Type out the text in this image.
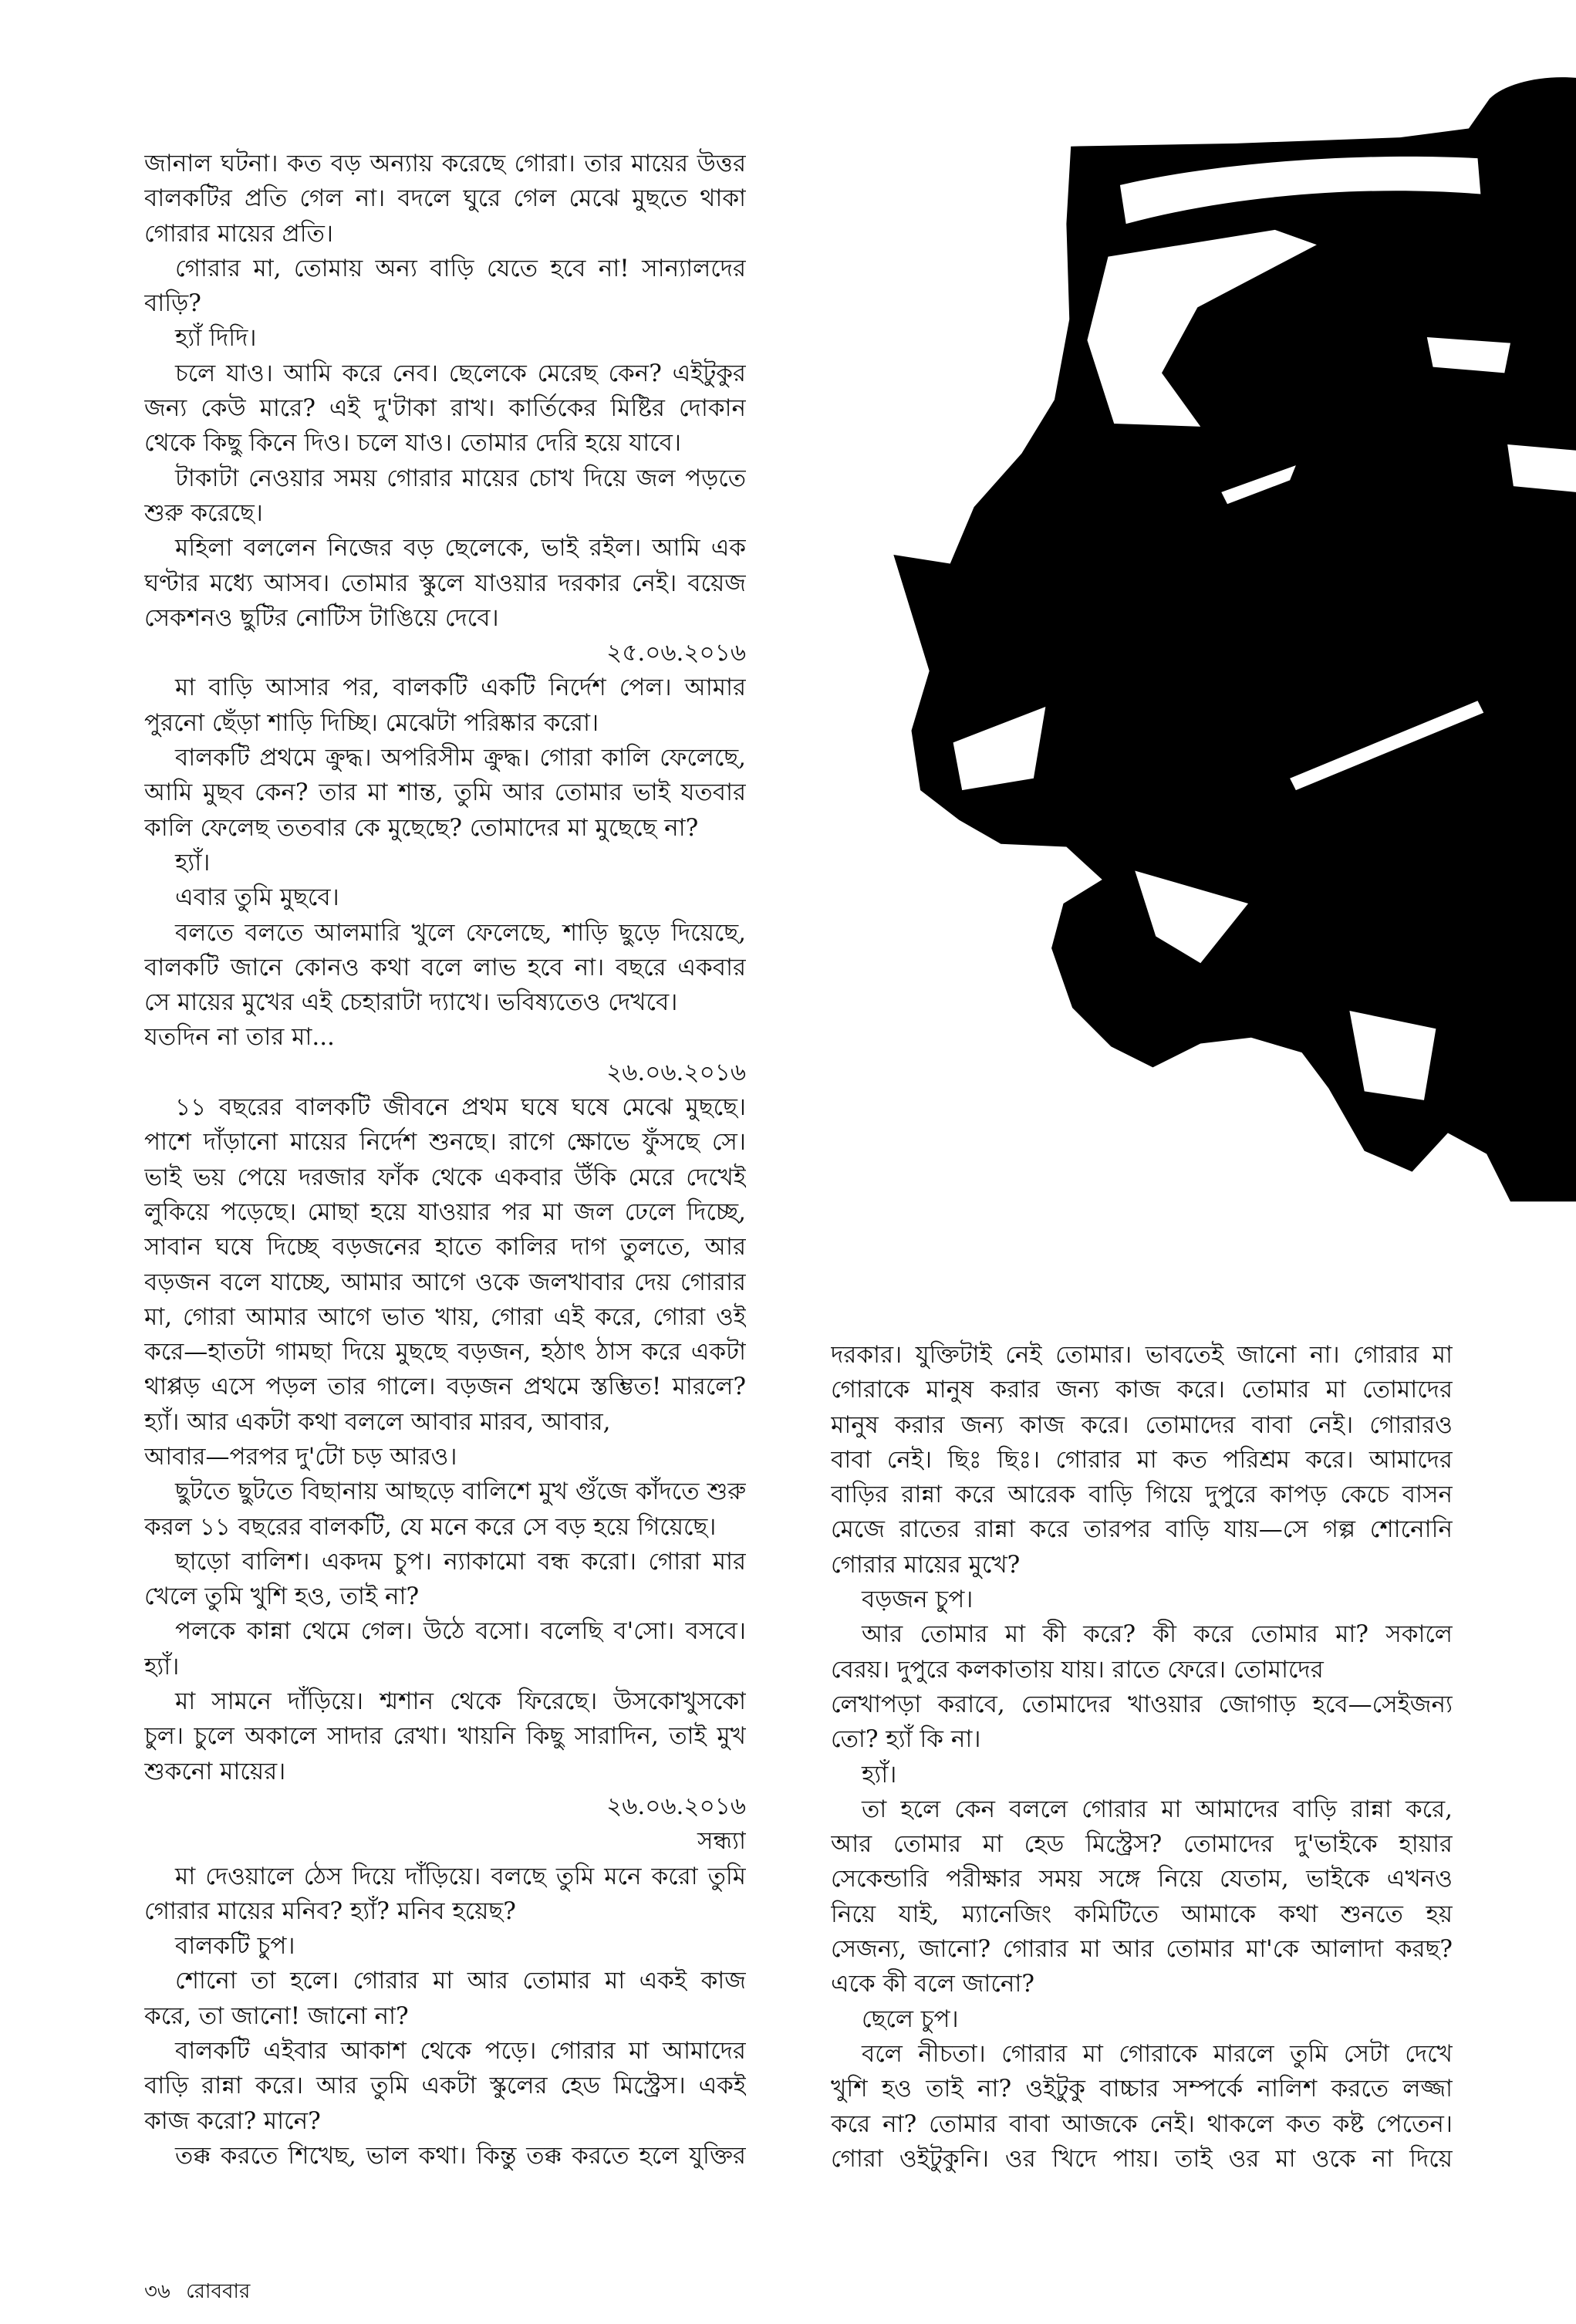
জানাল ঘটনা। কত বড় অন্যায় করেছে গোরা। তার মায়ের উত্তর
বালকটির প্রতি গেল না। বদলে ঘুরে গেল মেঝে মুছতে থাকা
গোরার মায়ের প্রতি।
গোরার মা, তোমায় অন্য বাড়ি যেতে হবে না! সান্যালদের
বাড়ি?
হ্যাঁ দিদি।
চলে যাও। আমি করে নেব। ছেলেকে মেরেছ কেন? এইটুকুর
জন্য কেউ মারে? এই দু'টাকা রাখ। কার্তিকের মিষ্টির দোকান
থেকে কিছু কিনে দিও। চলে যাও। তোমার দেরি হয়ে যাবে।
টাকাটা নেওয়ার সময় গোরার মায়ের চোখ দিয়ে জল পড়তে
শুরু করেছে।
মহিলা বললেন নিজের বড় ছেলেকে, ভাই রইল। আমি এক
ঘণ্টার মধ্যে আসব। তোমার স্কুলে যাওয়ার দরকার নেই। বয়েজ
সেকশনও ছুটির নোটিস টাঙিয়ে দেবে।
২৫.০৬.২০১৬
মা বাড়ি আসার পর, বালকটি একটি নির্দেশ পেল। আমার
পুরনো ছেঁড়া শাড়ি দিচ্ছি। মেঝেটা পরিষ্কার করো।
বালকটি প্রথমে ক্রুদ্ধ। অপরিসীম ক্রুদ্ধ। গোরা কালি ফেলেছে,
আমি মুছব কেন? তার মা শান্ত, তুমি আর তোমার ভাই যতবার
কালি ফেলেছ ততবার কে মুছেছে? তোমাদের মা মুছেছে না?
হ্যাঁ।
এবার তুমি মুছবে।
বলতে বলতে আলমারি খুলে ফেলেছে, শাড়ি ছুড়ে দিয়েছে,
বালকটি জানে কোনও কথা বলে লাভ হবে না। বছরে একবার
সে মায়ের মুখের এই চেহারাটা দ্যাখে। ভবিষ্যতেও দেখবে।
যতদিন না তার মা...
২৬.০৬.২০১৬
১১ বছরের বালকটি জীবনে প্রথম ঘষে ঘষে মেঝে মুছছে।
পাশে দাঁড়ানো মায়ের নির্দেশ শুনছে। রাগে ক্ষোভে ফুঁসছে সে।
ভাই ভয় পেয়ে দরজার ফাঁক থেকে একবার উঁকি মেরে দেখেই
লুকিয়ে পড়েছে। মোছা হয়ে যাওয়ার পর মা জল ঢেলে দিচ্ছে,
সাবান ঘষে দিচ্ছে বড়জনের হাতে কালির দাগ তুলতে, আর
বড়জন বলে যাচ্ছে, আমার আগে ওকে জলখাবার দেয় গোরার
মা, গোরা আমার আগে ভাত খায়, গোরা এই করে, গোরা ওই
করে—হাতটা গামছা দিয়ে মুছছে বড়জন, হঠাৎ ঠাস করে একটা
থাপ্পড় এসে পড়ল তার গালে। বড়জন প্রথমে স্তম্ভিত! মারলে?
হ্যাঁ। আর একটা কথা বললে আবার মারব, আবার,
আবার—পরপর দু'টো চড় আরও।
ছুটতে ছুটতে বিছানায় আছড়ে বালিশে মুখ গুঁজে কাঁদতে শুরু
করল ১১ বছরের বালকটি, যে মনে করে সে বড় হয়ে গিয়েছে।
ছাড়ো বালিশ। একদম চুপ। ন্যাকামো বন্ধ করো। গোরা মার
খেলে তুমি খুশি হও, তাই না?
পলকে কান্না থেমে গেল। উঠে বসো। বলেছি ব'সো। বসবে।
হ্যাঁ।
মা সামনে দাঁড়িয়ে। শ্মশান থেকে ফিরেছে। উসকোখুসকো
চুল। চুলে অকালে সাদার রেখা। খায়নি কিছু সারাদিন, তাই মুখ
শুকনো মায়ের।
২৬.০৬.২০১৬
সন্ধ্যা
মা দেওয়ালে ঠেস দিয়ে দাঁড়িয়ে। বলছে তুমি মনে করো তুমি
গোরার মায়ের মনিব? হ্যাঁ? মনিব হয়েছ?
বালকটি চুপ।
শোনো তা হলে। গোরার মা আর তোমার মা একই কাজ
করে, তা জানো! জানো না?
বালকটি এইবার আকাশ থেকে পড়ে। গোরার মা আমাদের
বাড়ি রান্না করে। আর তুমি একটা স্কুলের হেড মিস্ট্রেস। একই
কাজ করো? মানে?
তক্ক করতে শিখেছ, ভাল কথা। কিন্তু তক্ক করতে হলে যুক্তির
দরকার। যুক্তিটাই নেই তোমার। ভাবতেই জানো না। গোরার মা
গোরাকে মানুষ করার জন্য কাজ করে। তোমার মা তোমাদের
মানুষ করার জন্য কাজ করে। তোমাদের বাবা নেই। গোরারও
বাবা নেই। ছিঃ ছিঃ। গোরার মা কত পরিশ্রম করে। আমাদের
বাড়ির রান্না করে আরেক বাড়ি গিয়ে দুপুরে কাপড় কেচে বাসন
মেজে রাতের রান্না করে তারপর বাড়ি যায়—সে গল্প শোনোনি
গোরার মায়ের মুখে?
বড়জন চুপ।
আর তোমার মা কী করে? কী করে তোমার মা? সকালে
বেরয়। দুপুরে কলকাতায় যায়। রাতে ফেরে। তোমাদের
লেখাপড়া করাবে, তোমাদের খাওয়ার জোগাড় হবে—সেইজন্য
তো? হ্যাঁ কি না।
হ্যাঁ।
তা হলে কেন বললে গোরার মা আমাদের বাড়ি রান্না করে,
আর তোমার মা হেড মিস্ট্রেস? তোমাদের দু'ভাইকে হায়ার
সেকেন্ডারি পরীক্ষার সময় সঙ্গে নিয়ে যেতাম, ভাইকে এখনও
নিয়ে যাই, ম্যানেজিং কমিটিতে আমাকে কথা শুনতে হয়
সেজন্য, জানো? গোরার মা আর তোমার মা'কে আলাদা করছ?
একে কী বলে জানো?
ছেলে চুপ।
বলে নীচতা। গোরার মা গোরাকে মারলে তুমি সেটা দেখে
খুশি হও তাই না? ওইটুকু বাচ্চার সম্পর্কে নালিশ করতে লজ্জা
করে না? তোমার বাবা আজকে নেই। থাকলে কত কষ্ট পেতেন।
গোরা ওইটুকুনি। ওর খিদে পায়। তাই ওর মা ওকে না দিয়ে
৩৬ রোববার
